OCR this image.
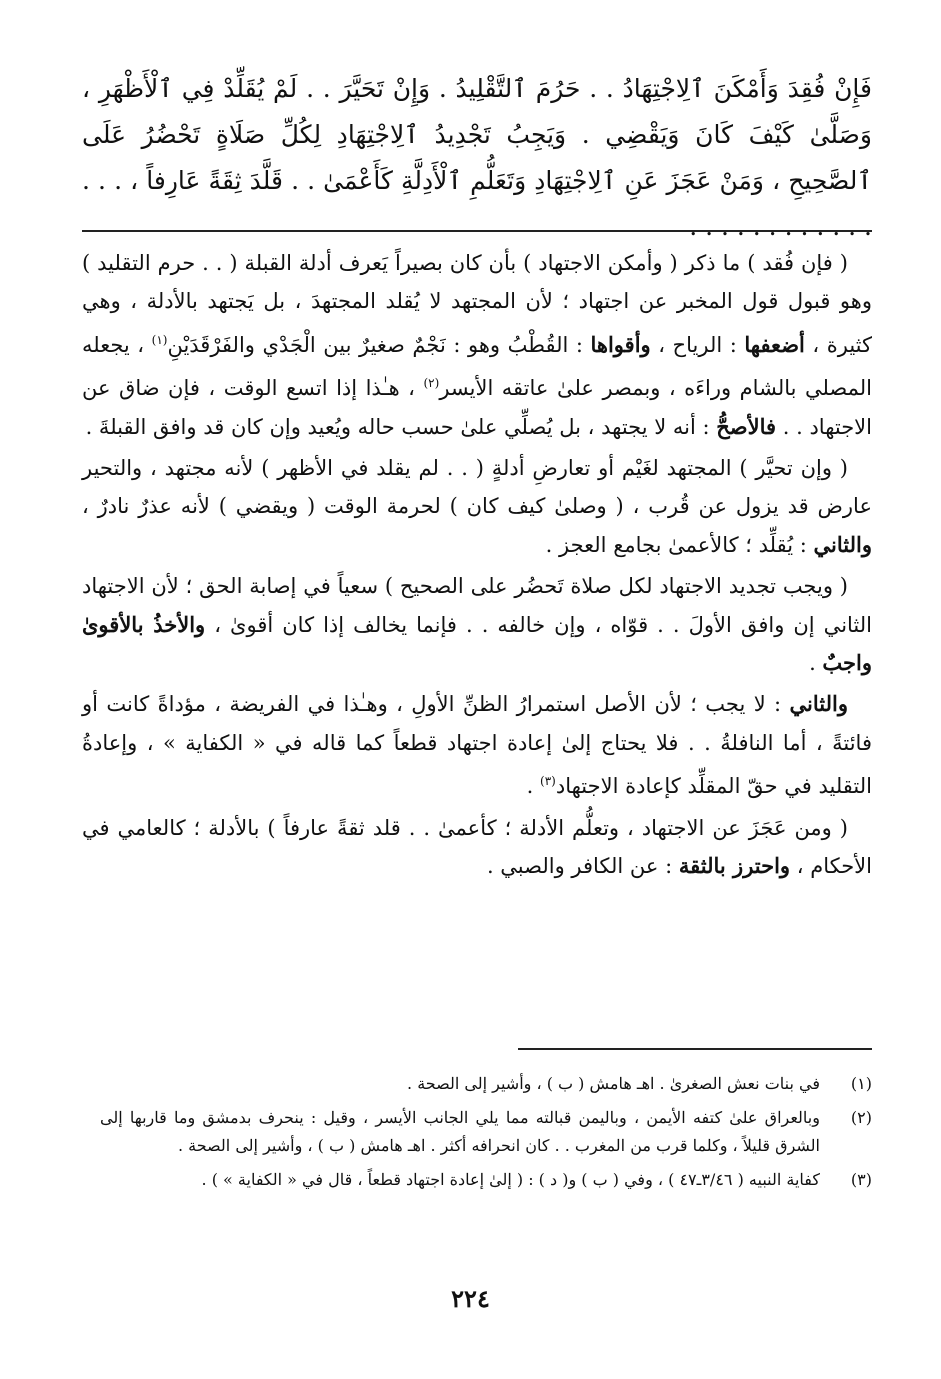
فَإِنْ فُقِدَ وَأَمْكَنَ ٱلِاجْتِهَادُ . . حَرُمَ ٱلتَّقْلِيدُ . وَإِنْ تَحَيَّرَ . . لَمْ يُقَلِّدْ فِي ٱلْأَظْهَرِ ، وَصَلَّىٰ كَيْفَ كَانَ وَيَقْضِي . وَيَجِبُ تَجْدِيدُ ٱلِاجْتِهَادِ لِكُلِّ صَلَاةٍ تَحْضُرُ عَلَى ٱلصَّحِيحِ ، وَمَنْ عَجَزَ عَنِ ٱلِاجْتِهَادِ وَتَعَلُّمِ ٱلْأَدِلَّةِ كَأَعْمَىٰ . . قَلَّدَ ثِقَةً عَارِفاً ، . . . . . . . . . . . . . . .

( فإن فُقد ) ما ذكر ( وأمكن الاجتهاد ) بأن كان بصيراً يَعرف أدلة القبلة ( . . حرم التقليد ) وهو قبول قول المخبر عن اجتهاد ؛ لأن المجتهد لا يُقلد المجتهدَ ، بل يَجتهد بالأدلة ، وهي كثيرة ، أضعفها : الرياح ، وأقواها : القُطْبُ وهو : نَجْمٌ صغيرٌ بين الْجَدْي والفَرْقَدَيْنِ$^{(١)}$ ، يجعله المصلي بالشام وراءَه ، وبمصر علىٰ عاتقه الأيسر$^{(٢)}$ ، هـٰذا إذا اتسع الوقت ، فإن ضاق عن الاجتهاد . . فالأصحُّ : أنه لا يجتهد ، بل يُصلِّي علىٰ حسب حاله ويُعيد وإن كان قد وافق القبلةَ .

( وإن تحيَّر ) المجتهد لغَيْم أو تعارضِ أدلةٍ ( . . لم يقلد في الأظهر ) لأنه مجتهد ، والتحير عارض قد يزول عن قُرب ، ( وصلىٰ كيف كان ) لحرمة الوقت ( ويقضي ) لأنه عذرٌ نادرٌ ، والثاني : يُقلِّد ؛ كالأعمىٰ بجامع العجز .

( ويجب تجديد الاجتهاد لكل صلاة تَحضُر على الصحيح ) سعياً في إصابة الحق ؛ لأن الاجتهاد الثاني إن وافق الأولَ . . قوّاه ، وإن خالفه . . فإنما يخالف إذا كان أقوىٰ ، والأخذُ بالأقوىٰ واجبٌ .

والثاني : لا يجب ؛ لأن الأصل استمرارُ الظنِّ الأولِ ، وهـٰذا في الفريضة ، مؤداةً كانت أو فائتةً ، أما النافلةُ . . فلا يحتاج إلىٰ إعادة اجتهاد قطعاً كما قاله في « الكفاية » ، وإعادةُ التقليد في حقّ المقلِّد كإعادة الاجتهاد$^{(٣)}$ .

( ومن عَجَزَ عن الاجتهاد ، وتعلُّم الأدلة ؛ كأعمىٰ . . قلد ثقةً عارفاً ) بالأدلة ؛ كالعامي في الأحكام ، واحترز بالثقة : عن الكافر والصبي .

(١)
في بنات نعش الصغرىٰ . اهـ هامش ( ب ) ، وأشير إلى الصحة .
(٢)
وبالعراق علىٰ كتفه الأيمن ، وباليمن قبالته مما يلي الجانب الأيسر ، وقيل : ينحرف بدمشق وما قاربها إلى الشرق قليلاً ، وكلما قرب من المغرب . . كان انحرافه أكثر . اهـ هامش ( ب ) ، وأشير إلى الصحة .
(٣)
كفاية النبيه ( ٣/٤٦ـ٤٧ ) ، وفي ( ب ) و( د ) : ( إلىٰ إعادة اجتهاد قطعاً ، قال في « الكفاية » ) .
٢٢٤
